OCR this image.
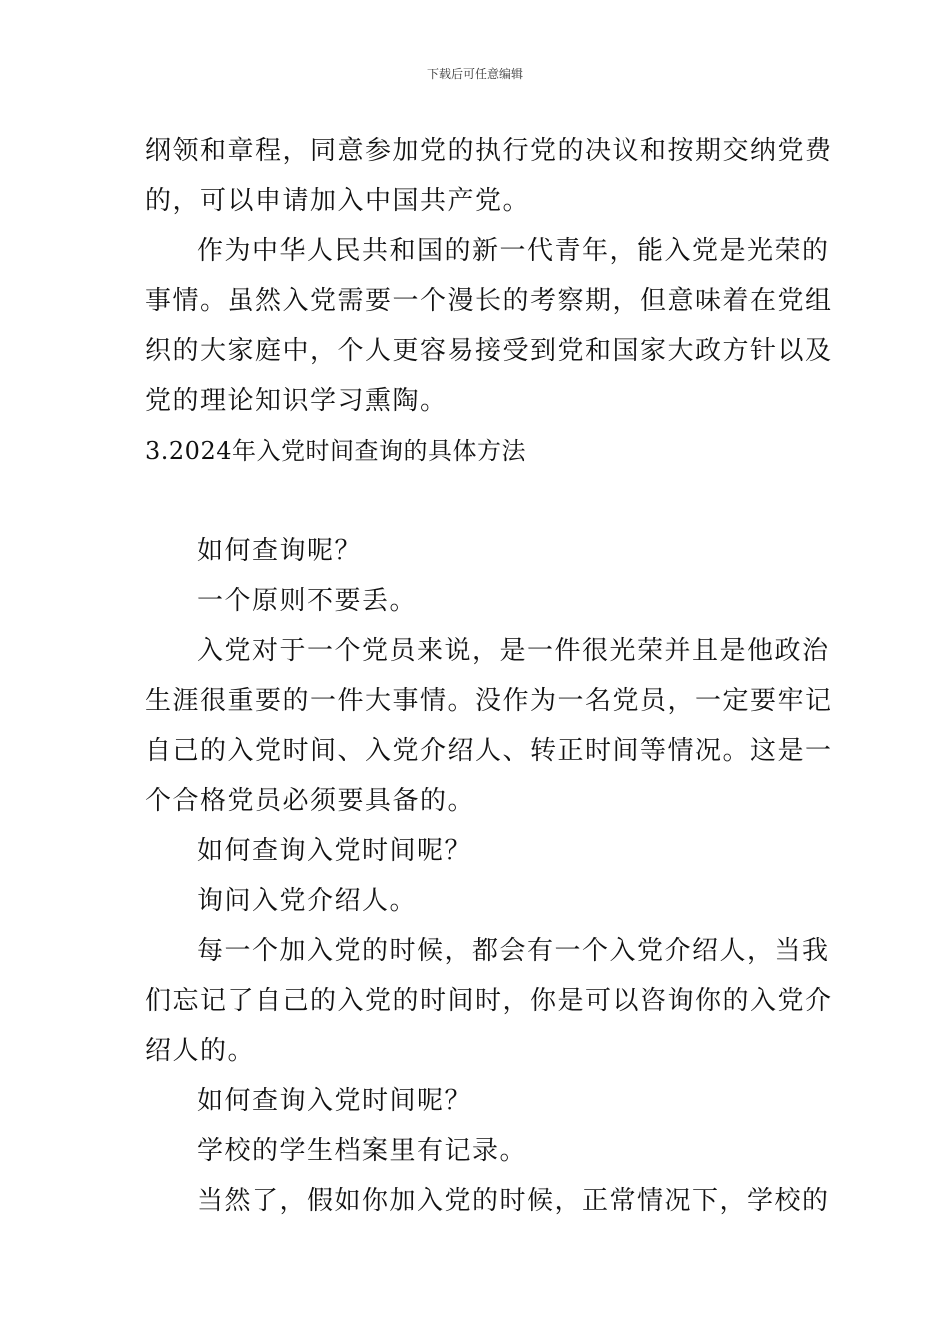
下载后可任意编辑
纲领和章程，同意参加党的执行党的决议和按期交纳党费
的，可以申请加入中国共产党。
作为中华人民共和国的新一代青年，能入党是光荣的
事情。虽然入党需要一个漫长的考察期，但意味着在党组
织的大家庭中，个人更容易接受到党和国家大政方针以及
党的理论知识学习熏陶。
3.2024年入党时间查询的具体方法
如何查询呢？
一个原则不要丢。
入党对于一个党员来说，是一件很光荣并且是他政治
生涯很重要的一件大事情。没作为一名党员，一定要牢记
自己的入党时间、入党介绍人、转正时间等情况。这是一
个合格党员必须要具备的。
如何查询入党时间呢？
询问入党介绍人。
每一个加入党的时候，都会有一个入党介绍人，当我
们忘记了自己的入党的时间时，你是可以咨询你的入党介
绍人的。
如何查询入党时间呢？
学校的学生档案里有记录。
当然了，假如你加入党的时候，正常情况下，学校的
